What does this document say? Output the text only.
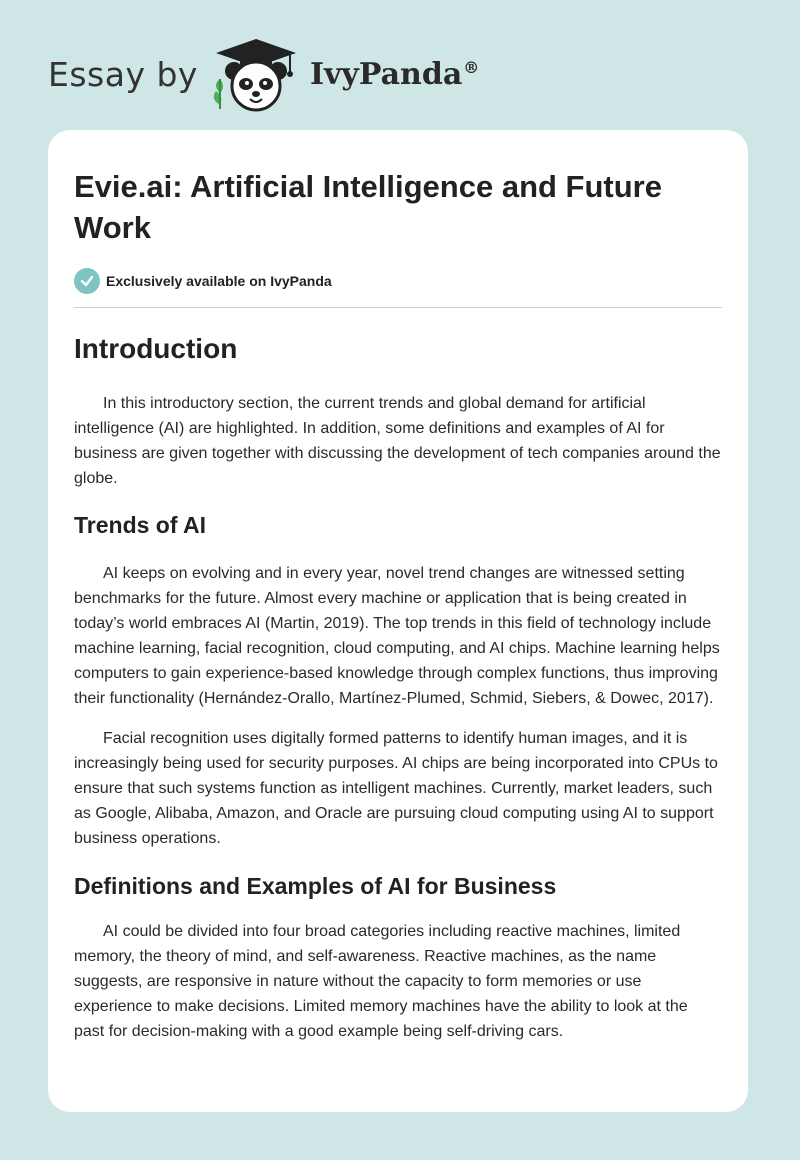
Essay by	IvyPanda®
Evie.ai: Artificial Intelligence and Future Work
Exclusively available on IvyPanda
Introduction

In this introductory section, the current trends and global demand for artificial intelligence (AI) are highlighted. In addition, some definitions and examples of AI for business are given together with discussing the development of tech companies around the globe.

Trends of AI

AI keeps on evolving and in every year, novel trend changes are witnessed setting benchmarks for the future. Almost every machine or application that is being created in today’s world embraces AI (Martin, 2019). The top trends in this field of technology include machine learning, facial recognition, cloud computing, and AI chips. Machine learning helps computers to gain experience-based knowledge through complex functions, thus improving their functionality (Hernández-Orallo, Martínez-Plumed, Schmid, Siebers, & Dowec, 2017).

Facial recognition uses digitally formed patterns to identify human images, and it is increasingly being used for security purposes. AI chips are being incorporated into CPUs to ensure that such systems function as intelligent machines. Currently, market leaders, such as Google, Alibaba, Amazon, and Oracle are pursuing cloud computing using AI to support business operations.

Definitions and Examples of AI for Business

AI could be divided into four broad categories including reactive machines, limited memory, the theory of mind, and self-awareness. Reactive machines, as the name suggests, are responsive in nature without the capacity to form memories or use experience to make decisions. Limited memory machines have the ability to look at the past for decision-making with a good example being self-driving cars.
